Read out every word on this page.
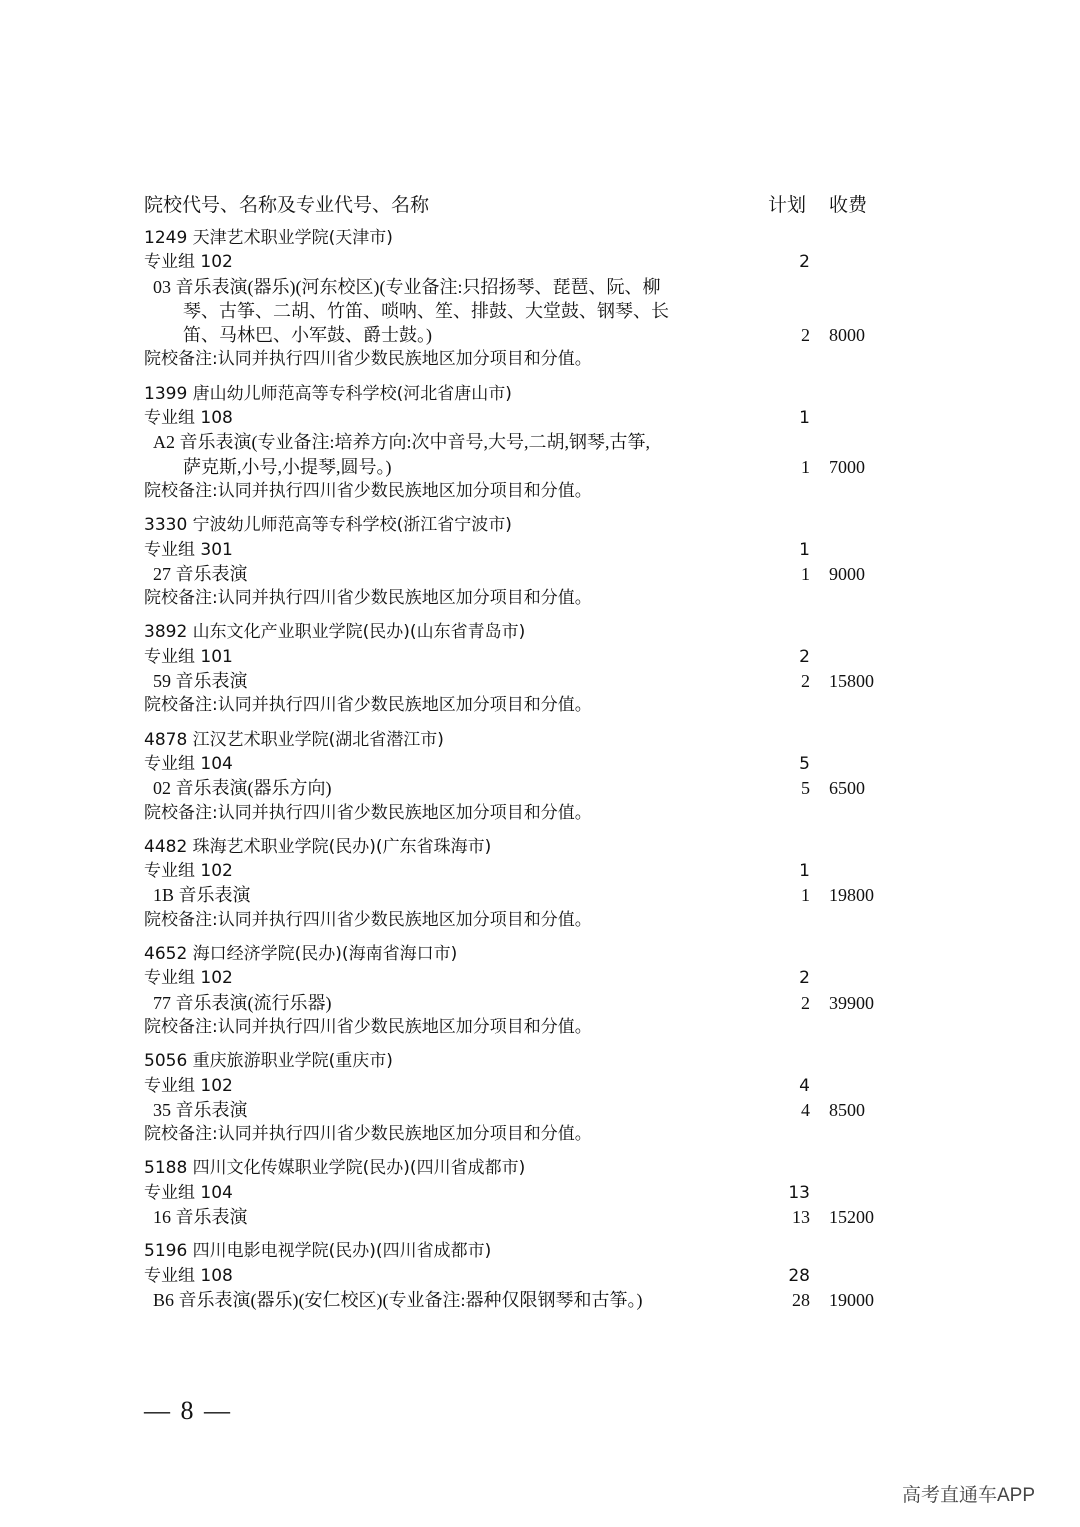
院校代号、名称及专业代号、名称	计划 收费
1249 天津艺术职业学院(天津市)
专业组 102	2
03 音乐表演(器乐)(河东校区)(专业备注:只招扬琴、琵琶、阮、柳
琴、古筝、二胡、竹笛、唢呐、笙、排鼓、大堂鼓、钢琴、长
笛、马林巴、小军鼓、爵士鼓。)	2 8000
院校备注:认同并执行四川省少数民族地区加分项目和分值。
1399 唐山幼儿师范高等专科学校(河北省唐山市)
专业组 108	1
A2 音乐表演(专业备注:培养方向:次中音号,大号,二胡,钢琴,古筝,
萨克斯,小号,小提琴,圆号。)	1 7000
院校备注:认同并执行四川省少数民族地区加分项目和分值。
3330 宁波幼儿师范高等专科学校(浙江省宁波市)
专业组 301	1
27 音乐表演	1 9000
院校备注:认同并执行四川省少数民族地区加分项目和分值。
3892 山东文化产业职业学院(民办)(山东省青岛市)
专业组 101	2
59 音乐表演	2 15800
院校备注:认同并执行四川省少数民族地区加分项目和分值。
4878 江汉艺术职业学院(湖北省潜江市)
专业组 104	5
02 音乐表演(器乐方向)	5 6500
院校备注:认同并执行四川省少数民族地区加分项目和分值。
4482 珠海艺术职业学院(民办)(广东省珠海市)
专业组 102	1
1B 音乐表演	1 19800
院校备注:认同并执行四川省少数民族地区加分项目和分值。
4652 海口经济学院(民办)(海南省海口市)
专业组 102	2
77 音乐表演(流行乐器)	2 39900
院校备注:认同并执行四川省少数民族地区加分项目和分值。
5056 重庆旅游职业学院(重庆市)
专业组 102	4
35 音乐表演	4 8500
院校备注:认同并执行四川省少数民族地区加分项目和分值。
5188 四川文化传媒职业学院(民办)(四川省成都市)
专业组 104	13
16 音乐表演	13 15200
5196 四川电影电视学院(民办)(四川省成都市)
专业组 108	28
B6 音乐表演(器乐)(安仁校区)(专业备注:器种仅限钢琴和古筝。)	28 19000
— 8 —
高考直通车APP
